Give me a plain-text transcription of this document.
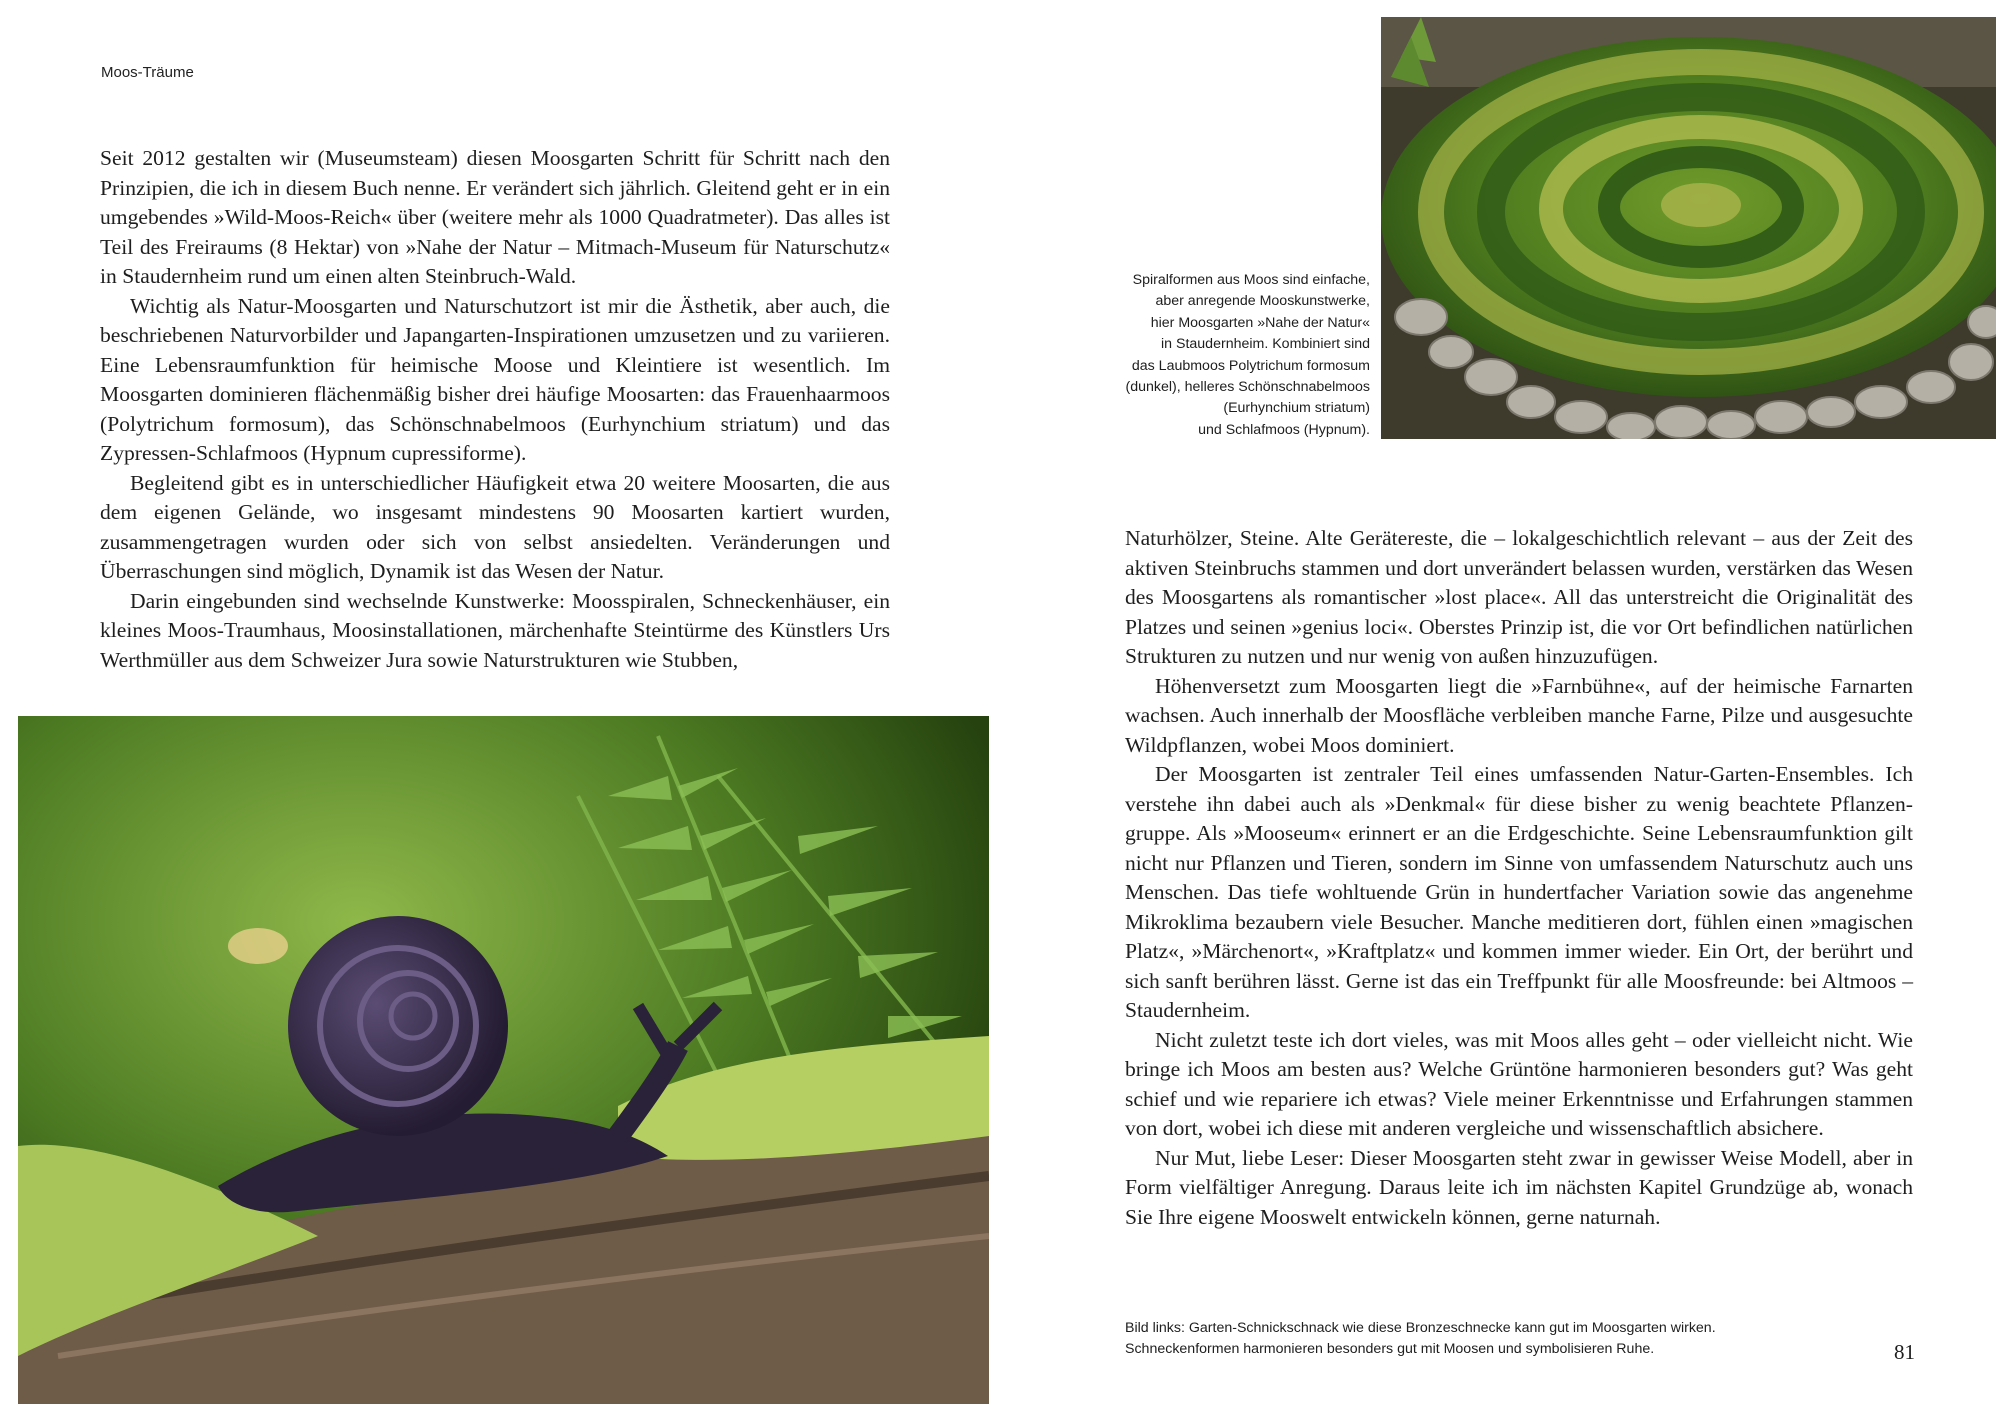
Moos-Träume

Seit 2012 gestalten wir (Museumsteam) diesen Moosgarten Schritt für Schritt nach den Prinzipien, die ich in diesem Buch nenne. Er verändert sich jährlich. Gleitend geht er in ein umgebendes »Wild-Moos-Reich« über (weitere mehr als 1000 Quadratmeter). Das alles ist Teil des Freiraums (8 Hektar) von »Nahe der Natur – Mitmach-Museum für Naturschutz« in Staudernheim rund um einen alten Steinbruch-Wald.

Wichtig als Natur-Moosgarten und Naturschutzort ist mir die Ästhetik, aber auch, die beschriebenen Naturvorbilder und Japangarten-Inspirationen umzusetzen und zu variieren. Eine Lebensraumfunktion für heimische Moose und Kleintiere ist wesentlich. Im Moosgarten dominieren flächenmäßig bisher drei häufige Moosarten: das Frauenhaarmoos (Polytrichum formosum), das Schönschnabelmoos (Eurhynchium striatum) und das Zypressen-Schlafmoos (Hypnum cupressiforme).

Begleitend gibt es in unterschiedlicher Häufigkeit etwa 20 weitere Moosarten, die aus dem eigenen Gelände, wo insgesamt mindestens 90 Moosarten kartiert wurden, zusammengetragen wurden oder sich von selbst ansiedelten. Veränderungen und Überraschungen sind möglich, Dynamik ist das Wesen der Natur.

Darin eingebunden sind wechselnde Kunstwerke: Moosspiralen, Schneckenhäuser, ein kleines Moos-Traumhaus, Moosinstallationen, märchenhafte Steintürme des Künstlers Urs Werthmüller aus dem Schweizer Jura sowie Naturstrukturen wie Stubben,

Spiralformen aus Moos sind einfache,
aber anregende Mooskunstwerke,
hier Moosgarten »Nahe der Natur«
in Staudernheim. Kombiniert sind
das Laubmoos Polytrichum formosum
(dunkel), helleres Schönschnabelmoos
(Eurhynchium striatum)
und Schlafmoos (Hypnum).

Naturhölzer, Steine. Alte Gerätereste, die – lokalgeschichtlich relevant – aus der Zeit des aktiven Steinbruchs stammen und dort unverändert belassen wurden, verstärken das Wesen des Moosgartens als romantischer »lost place«. All das unterstreicht die Originalität des Platzes und seinen »genius loci«. Oberstes Prinzip ist, die vor Ort befindlichen natürlichen Strukturen zu nutzen und nur wenig von außen hinzuzufügen.

Höhenversetzt zum Moosgarten liegt die »Farnbühne«, auf der heimische Farnarten wachsen. Auch innerhalb der Moosfläche verbleiben manche Farne, Pilze und ausgesuchte Wildpflanzen, wobei Moos dominiert.

Der Moosgarten ist zentraler Teil eines umfassenden Natur-Garten-Ensembles. Ich verstehe ihn dabei auch als »Denkmal« für diese bisher zu wenig beachtete Pflanzengruppe. Als »Mooseum« erinnert er an die Erdgeschichte. Seine Lebensraumfunktion gilt nicht nur Pflanzen und Tieren, sondern im Sinne von umfassendem Naturschutz auch uns Menschen. Das tiefe wohltuende Grün in hundertfacher Variation sowie das angenehme Mikroklima bezaubern viele Besucher. Manche meditieren dort, fühlen einen »magischen Platz«, »Märchenort«, »Kraftplatz« und kommen immer wieder. Ein Ort, der berührt und sich sanft berühren lässt. Gerne ist das ein Treffpunkt für alle Moosfreunde: bei Altmoos – Staudernheim.

Nicht zuletzt teste ich dort vieles, was mit Moos alles geht – oder vielleicht nicht. Wie bringe ich Moos am besten aus? Welche Grüntöne harmonieren besonders gut? Was geht schief und wie repariere ich etwas? Viele meiner Erkenntnisse und Erfahrungen stammen von dort, wobei ich diese mit anderen vergleiche und wissenschaftlich absichere.

Nur Mut, liebe Leser: Dieser Moosgarten steht zwar in gewisser Weise Modell, aber in Form vielfältiger Anregung. Daraus leite ich im nächsten Kapitel Grundzüge ab, wonach Sie Ihre eigene Mooswelt entwickeln können, gerne naturnah.

Bild links: Garten-Schnickschnack wie diese Bronzeschnecke kann gut im Moosgarten wirken.
Schneckenformen harmonieren besonders gut mit Moosen und symbolisieren Ruhe.	81
